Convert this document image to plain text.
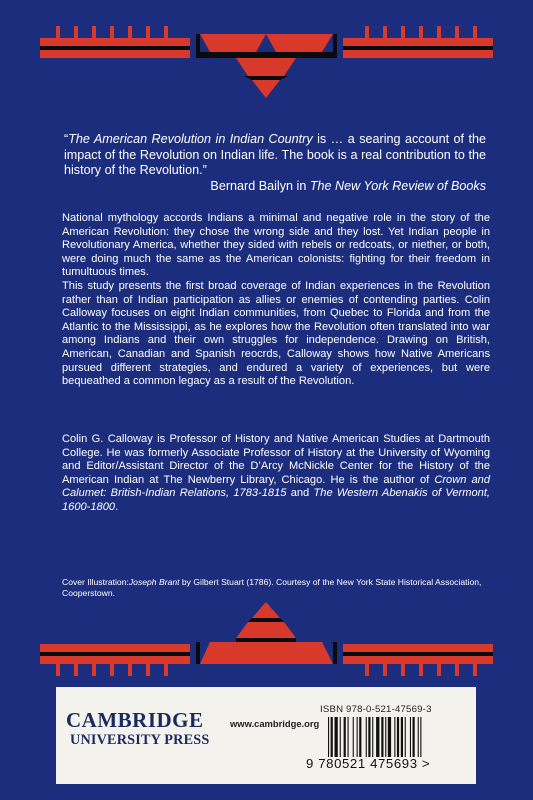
“The American Revolution in Indian Country is … a searing account of the impact of the Revolution on Indian life. The book is a real contribution to the history of the Revolution.”
Bernard Bailyn in The New York Review of Books

National mythology accords Indians a minimal and negative role in the story of the American Revolution: they chose the wrong side and they lost. Yet Indian people in Revolutionary America, whether they sided with rebels or redcoats, or niether, or both, were doing much the same as the American colonists: fighting for their freedom in tumultuous times.

This study presents the first broad coverage of Indian experiences in the Revolution rather than of Indian participation as allies or enemies of contending parties. Colin Calloway focuses on eight Indian communities, from Quebec to Florida and from the Atlantic to the Mississippi, as he explores how the Revolution often translated into war among Indians and their own struggles for independence. Drawing on British, American, Canadian and Spanish reocrds, Calloway shows how Native Americans pursued different strategies, and endured a variety of experiences, but were bequeathed a common legacy as a result of the Revolution.

Colin G. Calloway is Professor of History and Native American Studies at Dartmouth College. He was formerly Associate Professor of History at the University of Wyoming and Editor/Assistant Director of the D’Arcy McNickle Center for the History of the American Indian at The Newberry Library, Chicago. He is the author of Crown and Calumet: British-Indian Relations, 1783-1815 and The Western Abenakis of Vermont, 1600-1800.

Cover Illustration:Joseph Brant by Gilbert Stuart (1786). Courtesy of the New York State Historical Association, Cooperstown.
CAMBRIDGE
UNIVERSITY PRESS
www.cambridge.org
ISBN 978-0-521-47569-3
9 780521 475693 >
